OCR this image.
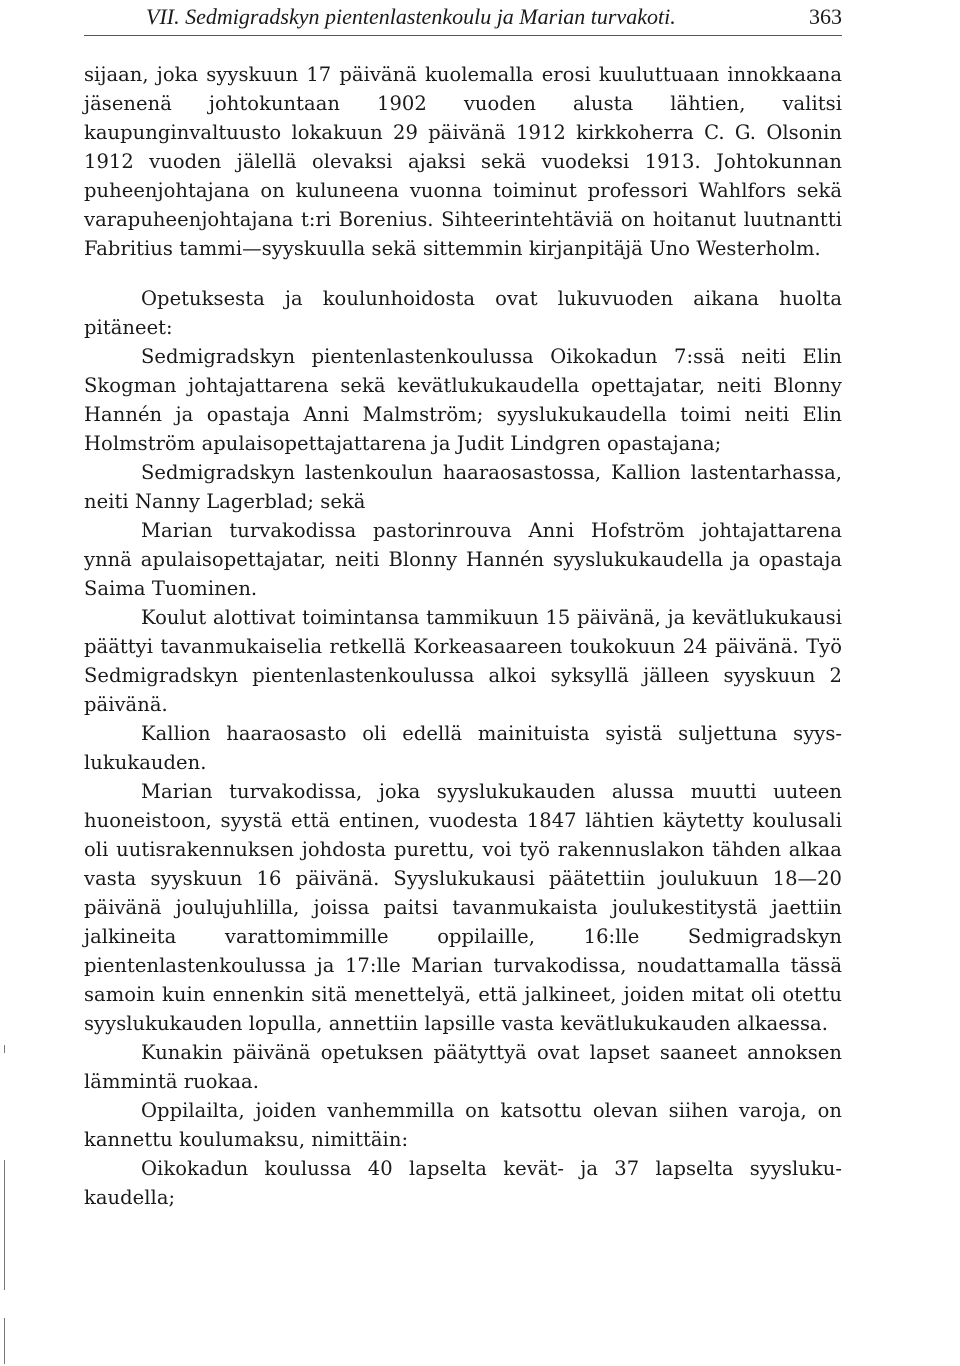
VII. Sedmigradskyn pientenlastenkoulu ja Marian turvakoti.	363

sijaan, joka syyskuun 17 päivänä kuolemalla erosi kuuluttuaan innokkaana jäsenenä johtokuntaan 1902 vuoden alusta lähtien, valitsi kaupunginvaltuusto lokakuun 29 päivänä 1912 kirkkoherra C. G. Olsonin 1912 vuoden jälellä olevaksi ajaksi sekä vuodeksi 1913. Johtokunnan puheenjohtajana on kuluneena vuonna toiminut professori Wahlfors sekä varapuheenjohtajana t:ri Borenius. Sihteerintehtäviä on hoitanut luutnantti Fabritius tammi—syyskuulla sekä sittemmin kirjanpitäjä Uno Westerholm.

Opetuksesta ja koulunhoidosta ovat lukuvuoden aikana huolta pitäneet:

Sedmigradskyn pientenlastenkoulussa Oikokadun 7:ssä neiti Elin Skogman johtajattarena sekä kevätlukukaudella opettajatar, neiti Blonny Hannén ja opastaja Anni Malmström; syyslukukaudella toimi neiti Elin Holmström apulaisopettajattarena ja Judit Lindgren opastajana;

Sedmigradskyn lastenkoulun haaraosastossa, Kallion lastentarhassa, neiti Nanny Lagerblad; sekä

Marian turvakodissa pastorinrouva Anni Hofström johtajattarena ynnä apulaisopettajatar, neiti Blonny Hannén syyslukukaudella ja opastaja Saima Tuominen.

Koulut alottivat toimintansa tammikuun 15 päivänä, ja kevätlukukausi päättyi tavanmukaiselia retkellä Korkeasaareen toukokuun 24 päivänä. Työ Sedmigradskyn pientenlastenkoulussa alkoi syksyllä jälleen syyskuun 2 päivänä.

Kallion haaraosasto oli edellä mainituista syistä suljettuna syyslukukauden.

Marian turvakodissa, joka syyslukukauden alussa muutti uuteen huoneistoon, syystä että entinen, vuodesta 1847 lähtien käytetty koulusali oli uutisrakennuksen johdosta purettu, voi työ rakennuslakon tähden alkaa vasta syyskuun 16 päivänä. Syyslukukausi päätettiin joulukuun 18—20 päivänä joulujuhlilla, joissa paitsi tavanmukaista joulukestitystä jaettiin jalkineita varattomimmille oppilaille, 16:lle Sedmigradskyn pientenlastenkoulussa ja 17:lle Marian turvakodissa, noudattamalla tässä samoin kuin ennenkin sitä menettelyä, että jalkineet, joiden mitat oli otettu syyslukukauden lopulla, annettiin lapsille vasta kevätlukukauden alkaessa.

Kunakin päivänä opetuksen päätyttyä ovat lapset saaneet annoksen lämmintä ruokaa.

Oppilailta, joiden vanhemmilla on katsottu olevan siihen varoja, on kannettu koulumaksu, nimittäin:

Oikokadun koulussa 40 lapselta kevät- ja 37 lapselta syyslukukaudella;
